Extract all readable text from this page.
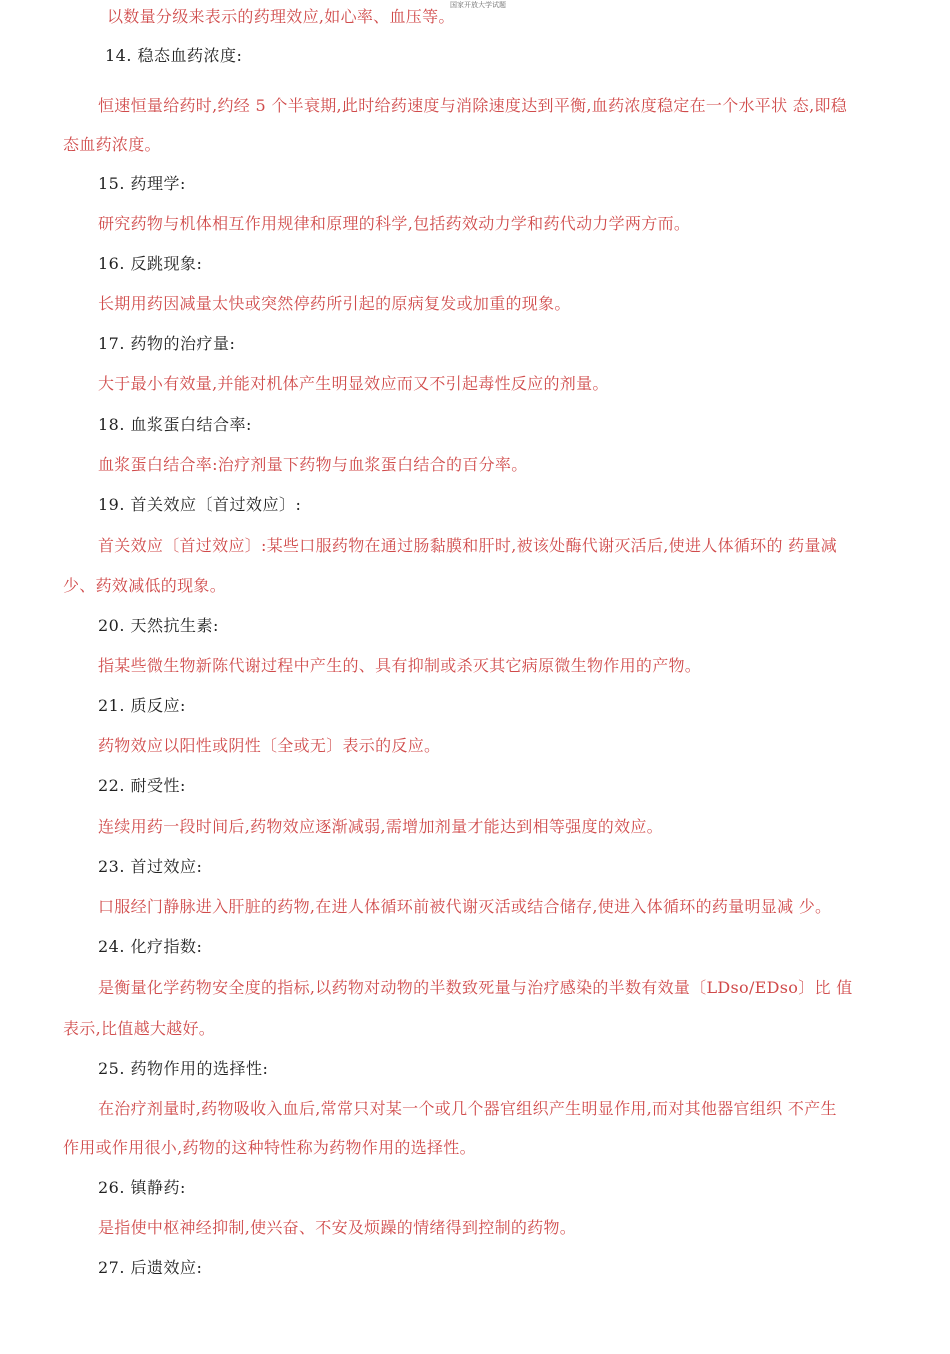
国家开放大学试题
以数量分级来表示的药理效应,如心率、血压等。
14. 稳态血药浓度:
恒速恒量给药时,约经 5 个半衰期,此时给药速度与消除速度达到平衡,血药浓度稳定在一个水平状 态,即稳
态血药浓度。
15. 药理学:
研究药物与机体相互作用规律和原理的科学,包括药效动力学和药代动力学两方而。
16. 反跳现象:
长期用药因减量太快或突然停药所引起的原病复发或加重的现象。
17. 药物的治疗量:
大于最小有效量,并能对机体产生明显效应而又不引起毒性反应的剂量。
18. 血浆蛋白结合率:
血浆蛋白结合率:治疗剂量下药物与血浆蛋白结合的百分率。
19. 首关效应〔首过效应〕:
首关效应〔首过效应〕:某些口服药物在通过肠黏膜和肝时,被该处酶代谢灭活后,使进人体循环的 药量减
少、药效减低的现象。
20. 天然抗生素:
指某些微生物新陈代谢过程中产生的、具有抑制或杀灭其它病原微生物作用的产物。
21. 质反应:
药物效应以阳性或阴性〔全或无〕表示的反应。
22. 耐受性:
连续用药一段时间后,药物效应逐渐减弱,需增加剂量才能达到相等强度的效应。
23. 首过效应:
口服经门静脉进入肝脏的药物,在进人体循环前被代谢灭活或结合储存,使进入体循环的药量明显减 少。
24. 化疗指数:
是衡量化学药物安全度的指标,以药物对动物的半数致死量与治疗感染的半数有效量〔LDso/EDso〕比 值
表示,比值越大越好。
25. 药物作用的选择性:
在治疗剂量时,药物吸收入血后,常常只对某一个或几个器官组织产生明显作用,而对其他器官组织 不产生
作用或作用很小,药物的这种特性称为药物作用的选择性。
26. 镇静药:
是指使中枢神经抑制,使兴奋、不安及烦躁的情绪得到控制的药物。
27. 后遗效应:
